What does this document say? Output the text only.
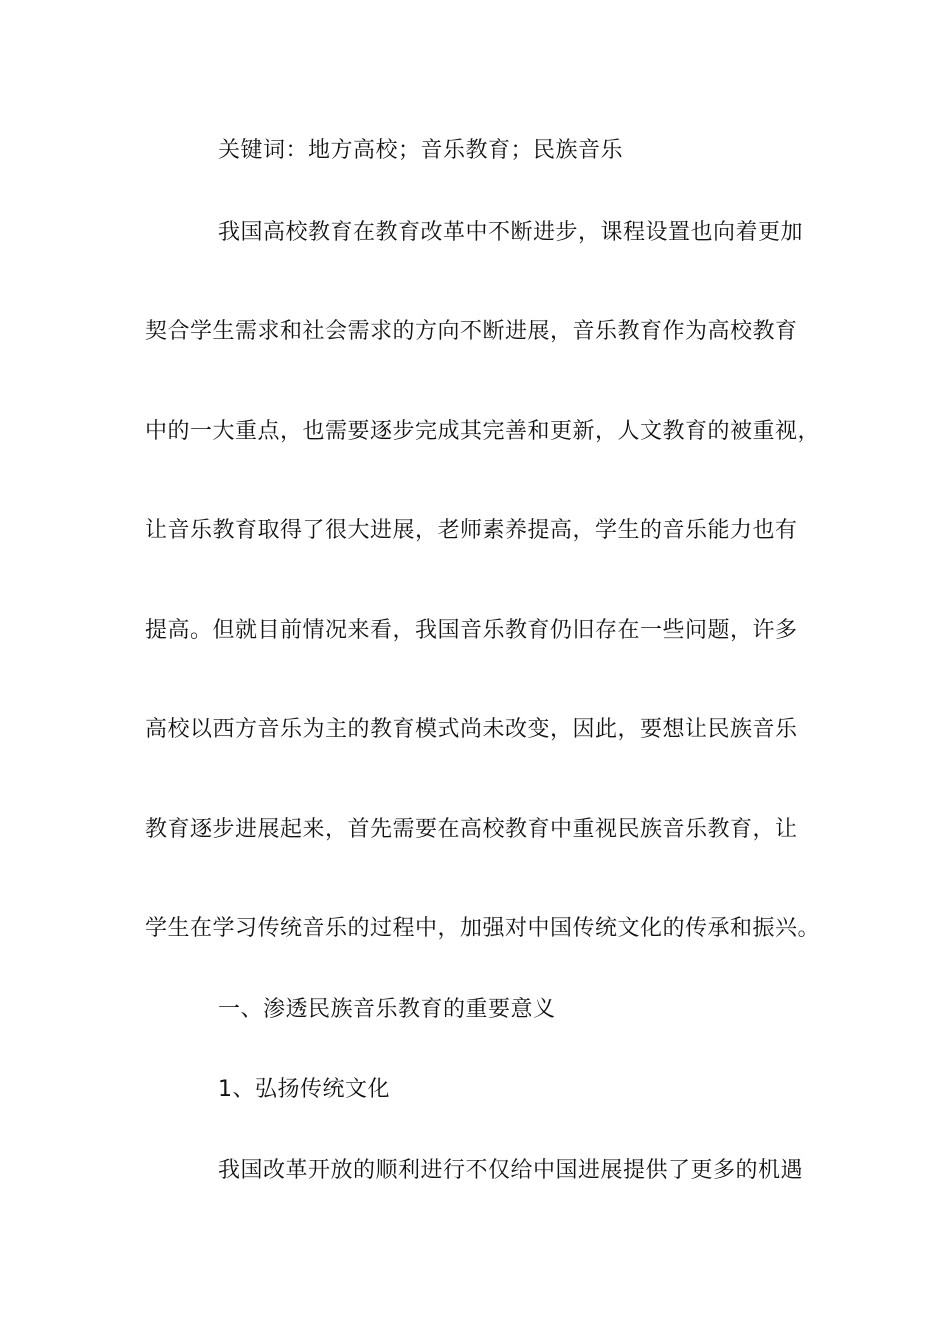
关键词：地方高校；音乐教育；民族音乐
我国高校教育在教育改革中不断进步，课程设置也向着更加
契合学生需求和社会需求的方向不断进展，音乐教育作为高校教育
中的一大重点，也需要逐步完成其完善和更新，人文教育的被重视，
让音乐教育取得了很大进展，老师素养提高，学生的音乐能力也有
提高。但就目前情况来看，我国音乐教育仍旧存在一些问题，许多
高校以西方音乐为主的教育模式尚未改变，因此，要想让民族音乐
教育逐步进展起来，首先需要在高校教育中重视民族音乐教育，让
学生在学习传统音乐的过程中，加强对中国传统文化的传承和振兴。
一、渗透民族音乐教育的重要意义
1、弘扬传统文化
我国改革开放的顺利进行不仅给中国进展提供了更多的机遇
